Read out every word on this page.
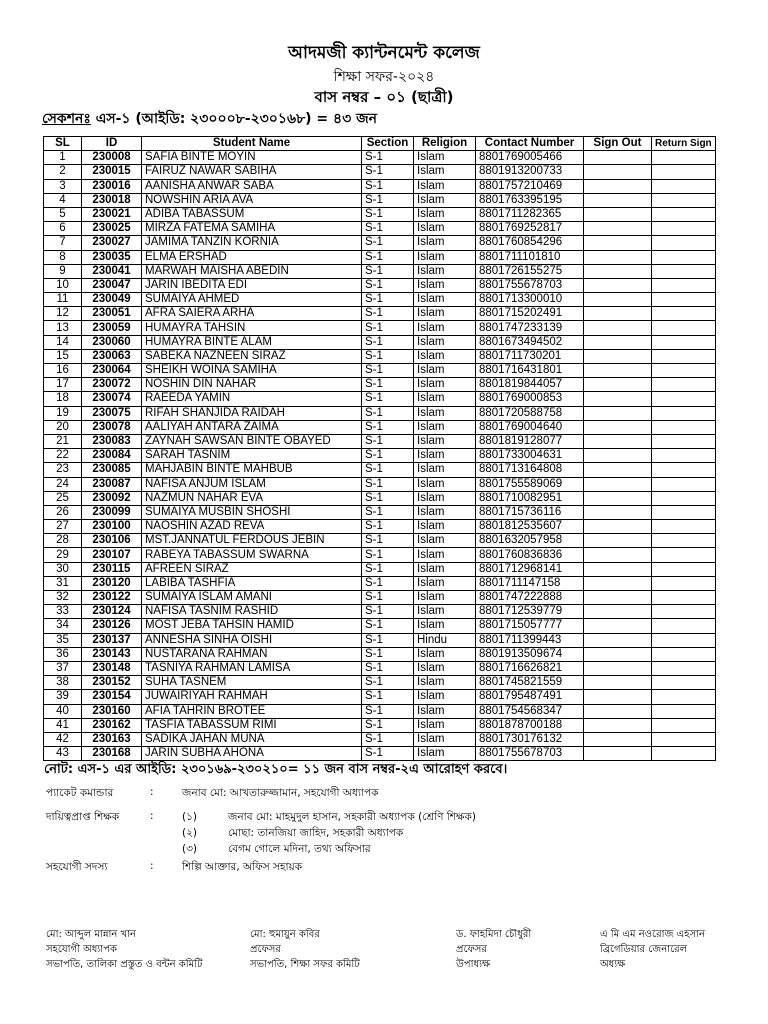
আদমজী ক্যান্টনমেন্ট কলেজ
শিক্ষা সফর-২০২৪
বাস নম্বর – ০১ (ছাত্রী)
সেকশনঃ এস-১ (আইডি: ২৩০০০৮-২৩০১৬৮) = ৪৩ জন
SL	ID	Student Name	Section	Religion	Contact Number	Sign Out	Return Sign
1	230008	SAFIA BINTE MOYIN	S-1	Islam	8801769005466		
2	230015	FAIRUZ NAWAR SABIHA	S-1	Islam	8801913200733		
3	230016	AANISHA ANWAR SABA	S-1	Islam	8801757210469		
4	230018	NOWSHIN ARIA AVA	S-1	Islam	8801763395195		
5	230021	ADIBA TABASSUM	S-1	Islam	8801711282365		
6	230025	MIRZA FATEMA SAMIHA	S-1	Islam	8801769252817		
7	230027	JAMIMA TANZIN KORNIA	S-1	Islam	8801760854296		
8	230035	ELMA ERSHAD	S-1	Islam	8801711101810		
9	230041	MARWAH MAISHA ABEDIN	S-1	Islam	8801726155275		
10	230047	JARIN IBEDITA EDI	S-1	Islam	8801755678703		
11	230049	SUMAIYA AHMED	S-1	Islam	8801713300010		
12	230051	AFRA SAIERA ARHA	S-1	Islam	8801715202491		
13	230059	HUMAYRA TAHSIN	S-1	Islam	8801747233139		
14	230060	HUMAYRA BINTE ALAM	S-1	Islam	8801673494502		
15	230063	SABEKA NAZNEEN SIRAZ	S-1	Islam	8801711730201		
16	230064	SHEIKH WOINA SAMIHA	S-1	Islam	8801716431801		
17	230072	NOSHIN DIN NAHAR	S-1	Islam	8801819844057		
18	230074	RAEEDA YAMIN	S-1	Islam	8801769000853		
19	230075	RIFAH SHANJIDA RAIDAH	S-1	Islam	8801720588758		
20	230078	AALIYAH ANTARA ZAIMA	S-1	Islam	8801769004640		
21	230083	ZAYNAH SAWSAN BINTE OBAYED	S-1	Islam	8801819128077		
22	230084	SARAH TASNIM	S-1	Islam	8801733004631		
23	230085	MAHJABIN BINTE MAHBUB	S-1	Islam	8801713164808		
24	230087	NAFISA ANJUM ISLAM	S-1	Islam	8801755589069		
25	230092	NAZMUN NAHAR EVA	S-1	Islam	8801710082951		
26	230099	SUMAIYA MUSBIN SHOSHI	S-1	Islam	8801715736116		
27	230100	NAOSHIN AZAD REVA	S-1	Islam	8801812535607		
28	230106	MST.JANNATUL FERDOUS JEBIN	S-1	Islam	8801632057958		
29	230107	RABEYA TABASSUM SWARNA	S-1	Islam	8801760836836		
30	230115	AFREEN SIRAZ	S-1	Islam	8801712968141		
31	230120	LABIBA TASHFIA	S-1	Islam	8801711147158		
32	230122	SUMAIYA ISLAM AMANI	S-1	Islam	8801747222888		
33	230124	NAFISA TASNIM RASHID	S-1	Islam	8801712539779		
34	230126	MOST JEBA TAHSIN HAMID	S-1	Islam	8801715057777		
35	230137	ANNESHA SINHA OISHI	S-1	Hindu	8801711399443		
36	230143	NUSTARANA RAHMAN	S-1	Islam	8801913509674		
37	230148	TASNIYA RAHMAN LAMISA	S-1	Islam	8801716626821		
38	230152	SUHA TASNEM	S-1	Islam	8801745821559		
39	230154	JUWAIRIYAH RAHMAH	S-1	Islam	8801795487491		
40	230160	AFIA TAHRIN BROTEE	S-1	Islam	8801754568347		
41	230162	TASFIA TABASSUM RIMI	S-1	Islam	8801878700188		
42	230163	SADIKA JAHAN MUNA	S-1	Islam	8801730176132		
43	230168	JARIN SUBHA AHONA	S-1	Islam	8801755678703		
নোট: এস-১ এর আইডি: ২৩০১৬৯-২৩০২১০= ১১ জন বাস নম্বর-২এ আরোহণ করবে।
প্যাকেট কমান্ডার	:	জনাব মো: আখতারুজ্জামান, সহযোগী অধ্যাপক
দায়িত্বপ্রাপ্ত শিক্ষক	:	(১)	জনাব মো: মাহমুদুল হাসান, সহকারী অধ্যাপক (শ্রেণি শিক্ষক)
(২)	মোছা: তানজিয়া জাহিদ, সহকারী অধ্যাপক
(৩)	বেগম গোলে মদিনা, তথ্য অফিসার
সহযোগী সদস্য	:	শিল্পি আক্তার, অফিস সহায়ক
মো: আব্দুল মান্নান খান
সহযোগী অধ্যাপক
সভাপতি, তালিকা প্রস্তুত ও বন্টন কমিটি
মো: হুমায়ুন কবির
প্রফেসর
সভাপতি, শিক্ষা সফর কমিটি
ড. ফাহমিদা চৌধুরী
প্রফেসর
উপাধ্যক্ষ
এ মি এম নওরোজ এহসান
ব্রিগেডিয়ার জেনারেল
অধ্যক্ষ
